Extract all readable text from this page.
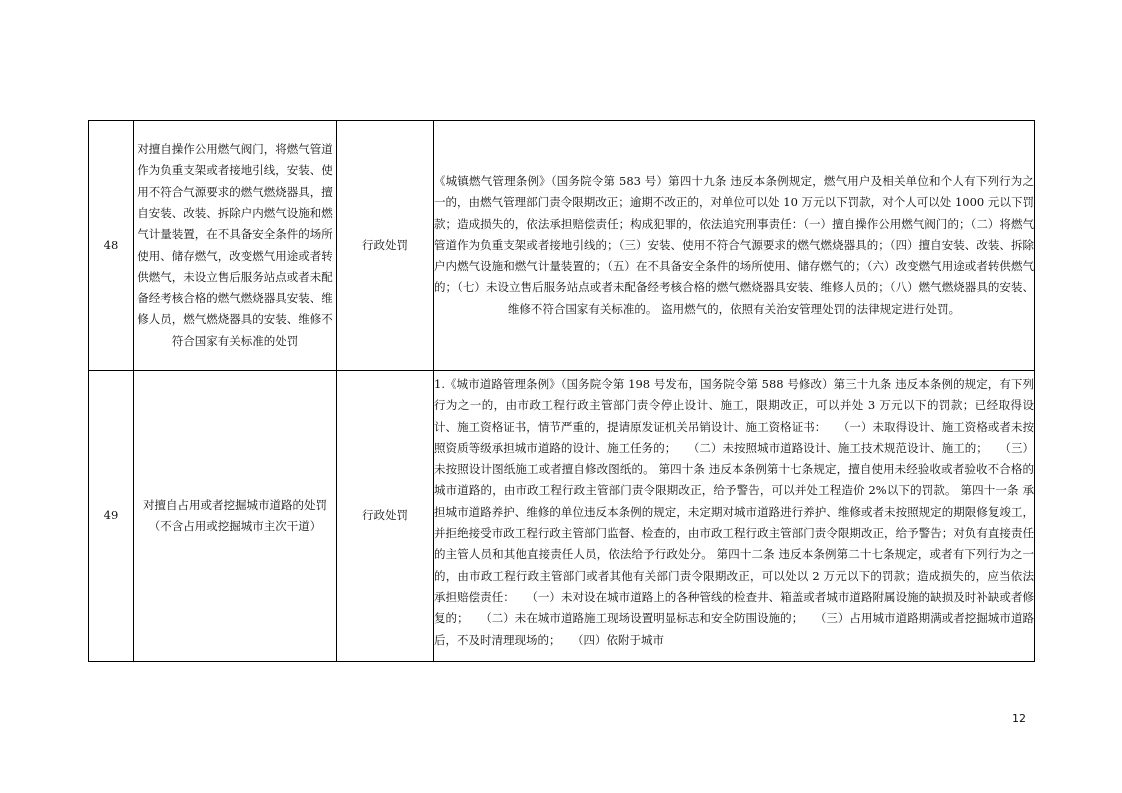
48	对擅自操作公用燃气阀门，将燃气管道作为负重支架或者接地引线，安装、使用不符合气源要求的燃气燃烧器具，擅自安装、改装、拆除户内燃气设施和燃气计量装置，在不具备安全条件的场所使用、储存燃气，改变燃气用途或者转供燃气，未设立售后服务站点或者未配备经考核合格的燃气燃烧器具安装、维修人员，燃气燃烧器具的安装、维修不符合国家有关标准的处罚	行政处罚	《城镇燃气管理条例》（国务院令第 583 号）第四十九条 违反本条例规定，燃气用户及相关单位和个人有下列行为之一的，由燃气管理部门责令限期改正；逾期不改正的，对单位可以处 10 万元以下罚款，对个人可以处 1000 元以下罚款；造成损失的，依法承担赔偿责任；构成犯罪的，依法追究刑事责任：（一）擅自操作公用燃气阀门的；（二）将燃气管道作为负重支架或者接地引线的；（三）安装、使用不符合气源要求的燃气燃烧器具的；（四）擅自安装、改装、拆除户内燃气设施和燃气计量装置的；（五）在不具备安全条件的场所使用、储存燃气的；（六）改变燃气用途或者转供燃气的；（七）未设立售后服务站点或者未配备经考核合格的燃气燃烧器具安装、维修人员的；（八）燃气燃烧器具的安装、维修不符合国家有关标准的。 盗用燃气的，依照有关治安管理处罚的法律规定进行处罚。

49	对擅自占用或者挖掘城市道路的处罚（不含占用或挖掘城市主次干道）	行政处罚	1.《城市道路管理条例》（国务院令第 198 号发布，国务院令第 588 号修改）第三十九条 违反本条例的规定，有下列行为之一的，由市政工程行政主管部门责令停止设计、施工，限期改正，可以并处 3 万元以下的罚款；已经取得设计、施工资格证书，情节严重的，提请原发证机关吊销设计、施工资格证书：　　（一）未取得设计、施工资格或者未按照资质等级承担城市道路的设计、施工任务的；　　（二）未按照城市道路设计、施工技术规范设计、施工的；　　（三）未按照设计图纸施工或者擅自修改图纸的。 第四十条 违反本条例第十七条规定，擅自使用未经验收或者验收不合格的城市道路的，由市政工程行政主管部门责令限期改正，给予警告，可以并处工程造价 2%以下的罚款。 第四十一条 承担城市道路养护、维修的单位违反本条例的规定，未定期对城市道路进行养护、维修或者未按照规定的期限修复竣工，并拒绝接受市政工程行政主管部门监督、检查的，由市政工程行政主管部门责令限期改正，给予警告；对负有直接责任的主管人员和其他直接责任人员，依法给予行政处分。 第四十二条 违反本条例第二十七条规定，或者有下列行为之一的，由市政工程行政主管部门或者其他有关部门责令限期改正，可以处以 2 万元以下的罚款；造成损失的，应当依法承担赔偿责任：　　（一）未对设在城市道路上的各种管线的检查井、箱盖或者城市道路附属设施的缺损及时补缺或者修复的；　　（二）未在城市道路施工现场设置明显标志和安全防围设施的；　　（三）占用城市道路期满或者挖掘城市道路后，不及时清理现场的；　　（四）依附于城市
12
